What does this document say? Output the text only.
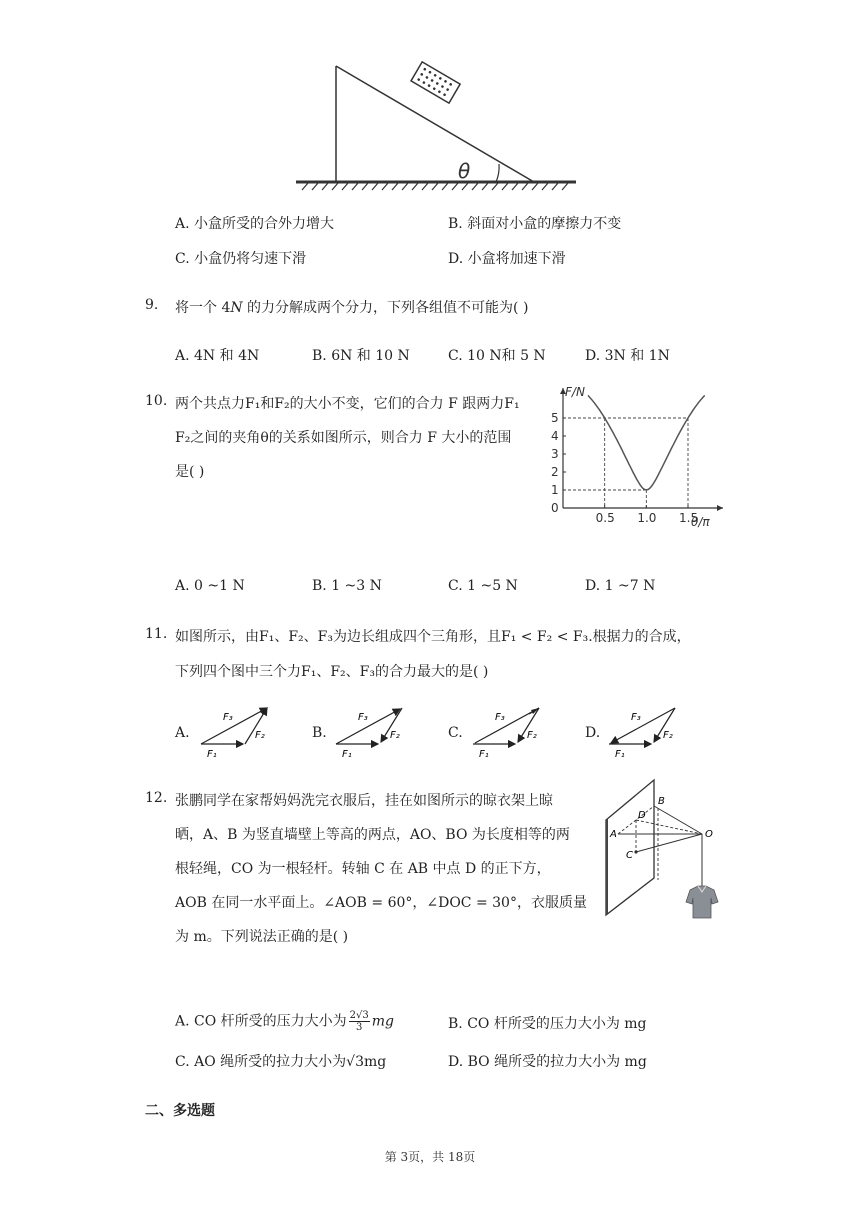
θ
A. 小盒所受的合外力增大	B. 斜面对小盒的摩擦力不变
C. 小盒仍将匀速下滑	D. 小盒将加速下滑
9. 将一个 4N 的力分解成两个分力，下列各组值不可能为( )
A. 4N 和 4N	B. 6N 和 10 N	C. 10 N和 5 N	D. 3N 和 1N
10. 两个共点力F₁和F₂的大小不变，它们的合力 F 跟两力F₁
F₂之间的夹角θ的关系如图所示，则合力 F 大小的范围
是( )
0
1
2
3
4
5
0.5 1.0 1.5
F/N
θ/π
A. 0 ~1 N	B. 1 ~3 N	C. 1 ~5 N	D. 1 ~7 N
11. 如图所示，由F₁、F₂、F₃为边长组成四个三角形，且F₁ < F₂ < F₃.根据力的合成，
下列四个图中三个力F₁、F₂、F₃的合力最大的是( )
A.	B.	C.	D.
F₃
F₂
F₁
F₃
F₂
F₁
F₃
F₂
F₁
F₃
F₂
F₁
12. 张鹏同学在家帮妈妈洗完衣服后，挂在如图所示的晾衣架上晾
晒，A、B 为竖直墙壁上等高的两点，AO、BO 为长度相等的两
根轻绳，CO 为一根轻杆。转轴 C 在 AB 中点 D 的正下方，
AOB 在同一水平面上。∠AOB = 60°，∠DOC = 30°，衣服质量
为 m。下列说法正确的是( )
A
B
D
C
O
A. CO 杆所受的压力大小为 $\frac{2√3}{3}$ mg	B. CO 杆所受的压力大小为 mg
C. AO 绳所受的拉力大小为√3mg	D. BO 绳所受的拉力大小为 mg
二、多选题
第 3页，共 18页
